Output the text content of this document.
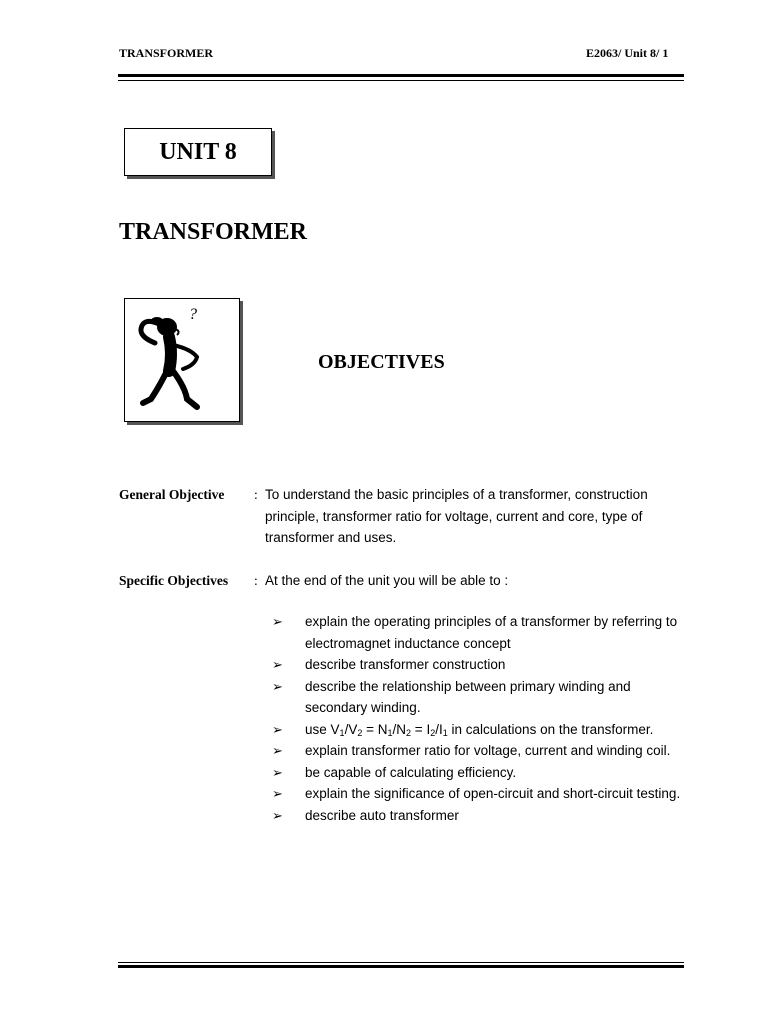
TRANSFORMER	E2063/ Unit 8/ 1
UNIT 8
TRANSFORMER
?
OBJECTIVES
General Objective : To understand the basic principles of a transformer, construction principle, transformer ratio for voltage, current and core, type of transformer and uses.
Specific Objectives : At the end of the unit you will be able to :
➢ explain the operating principles of a transformer by referring to electromagnet inductance concept
➢ describe transformer construction
➢ describe the relationship between primary winding and secondary winding.
➢ use $V_1/V_2 = N_1/N_2 = I_2/I_1$ in calculations on the transformer.
➢ explain transformer ratio for voltage, current and winding coil.
➢ be capable of calculating efficiency.
➢ explain the significance of open-circuit and short-circuit testing.
➢ describe auto transformer
